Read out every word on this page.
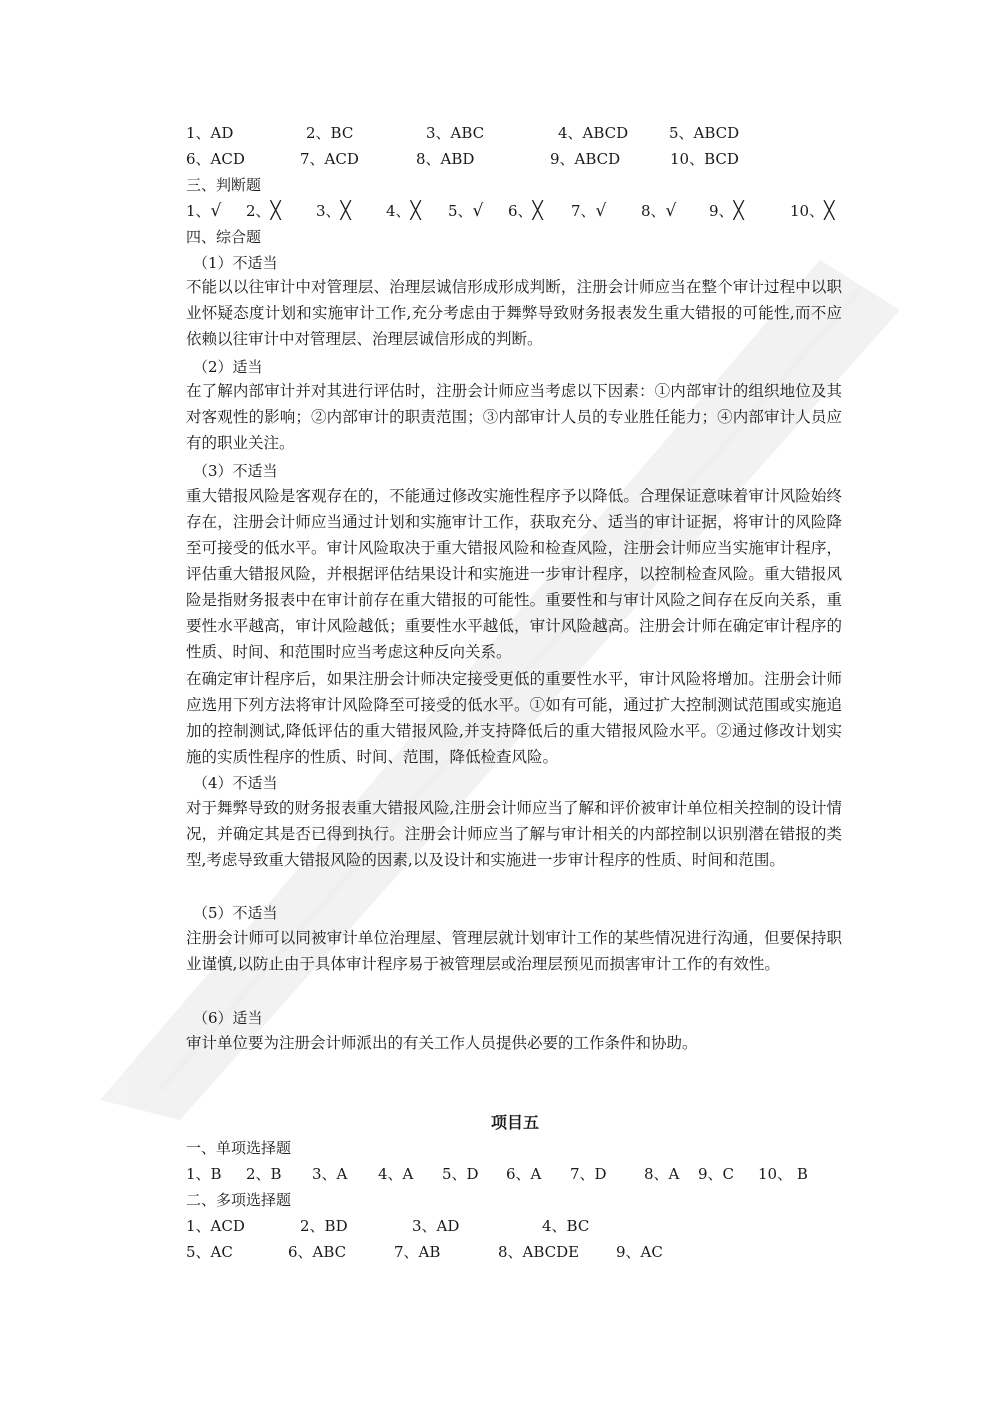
1、AD	2、BC	3、ABC	4、ABCD	5、ABCD
6、ACD	7、ACD	8、ABD	9、ABCD	10、BCD
三、判断题
1、√ 2、╳ 3、╳ 4、╳ 5、√ 6、╳ 7、√ 8、√ 9、╳	10、╳
四、综合题
（1）不适当
不能以以往审计中对管理层、治理层诚信形成形成判断，注册会计师应当在整个审计过程中以职业怀疑态度计划和实施审计工作,充分考虑由于舞弊导致财务报表发生重大错报的可能性,而不应依赖以往审计中对管理层、治理层诚信形成的判断。
（2）适当
在了解内部审计并对其进行评估时，注册会计师应当考虑以下因素：①内部审计的组织地位及其对客观性的影响；②内部审计的职责范围；③内部审计人员的专业胜任能力；④内部审计人员应有的职业关注。
（3）不适当
重大错报风险是客观存在的，不能通过修改实施性程序予以降低。合理保证意味着审计风险始终存在，注册会计师应当通过计划和实施审计工作，获取充分、适当的审计证据，将审计的风险降至可接受的低水平。审计风险取决于重大错报风险和检查风险，注册会计师应当实施审计程序，评估重大错报风险，并根据评估结果设计和实施进一步审计程序，以控制检查风险。重大错报风险是指财务报表中在审计前存在重大错报的可能性。重要性和与审计风险之间存在反向关系，重要性水平越高，审计风险越低；重要性水平越低，审计风险越高。注册会计师在确定审计程序的性质、时间、和范围时应当考虑这种反向关系。
在确定审计程序后，如果注册会计师决定接受更低的重要性水平，审计风险将增加。注册会计师应选用下列方法将审计风险降至可接受的低水平。①如有可能，通过扩大控制测试范围或实施追加的控制测试,降低评估的重大错报风险,并支持降低后的重大错报风险水平。②通过修改计划实施的实质性程序的性质、时间、范围，降低检查风险。
（4）不适当
对于舞弊导致的财务报表重大错报风险,注册会计师应当了解和评价被审计单位相关控制的设计情况，并确定其是否已得到执行。注册会计师应当了解与审计相关的内部控制以识别潜在错报的类型,考虑导致重大错报风险的因素,以及设计和实施进一步审计程序的性质、时间和范围。
（5）不适当
注册会计师可以同被审计单位治理屋、管理层就计划审计工作的某些情况进行沟通，但要保持职业谨慎,以防止由于具体审计程序易于被管理层或治理层预见而损害审计工作的有效性。
（6）适当
审计单位要为注册会计师派出的有关工作人员提供必要的工作条件和协助。
项目五
一、单项选择题
1、B 2、B 3、A 4、A 5、D 6、A 7、D 8、A 9、C 10、 B
二、多项选择题
1、ACD	2、BD	3、AD	4、BC
5、AC	6、ABC	7、AB	8、ABCDE 9、AC
